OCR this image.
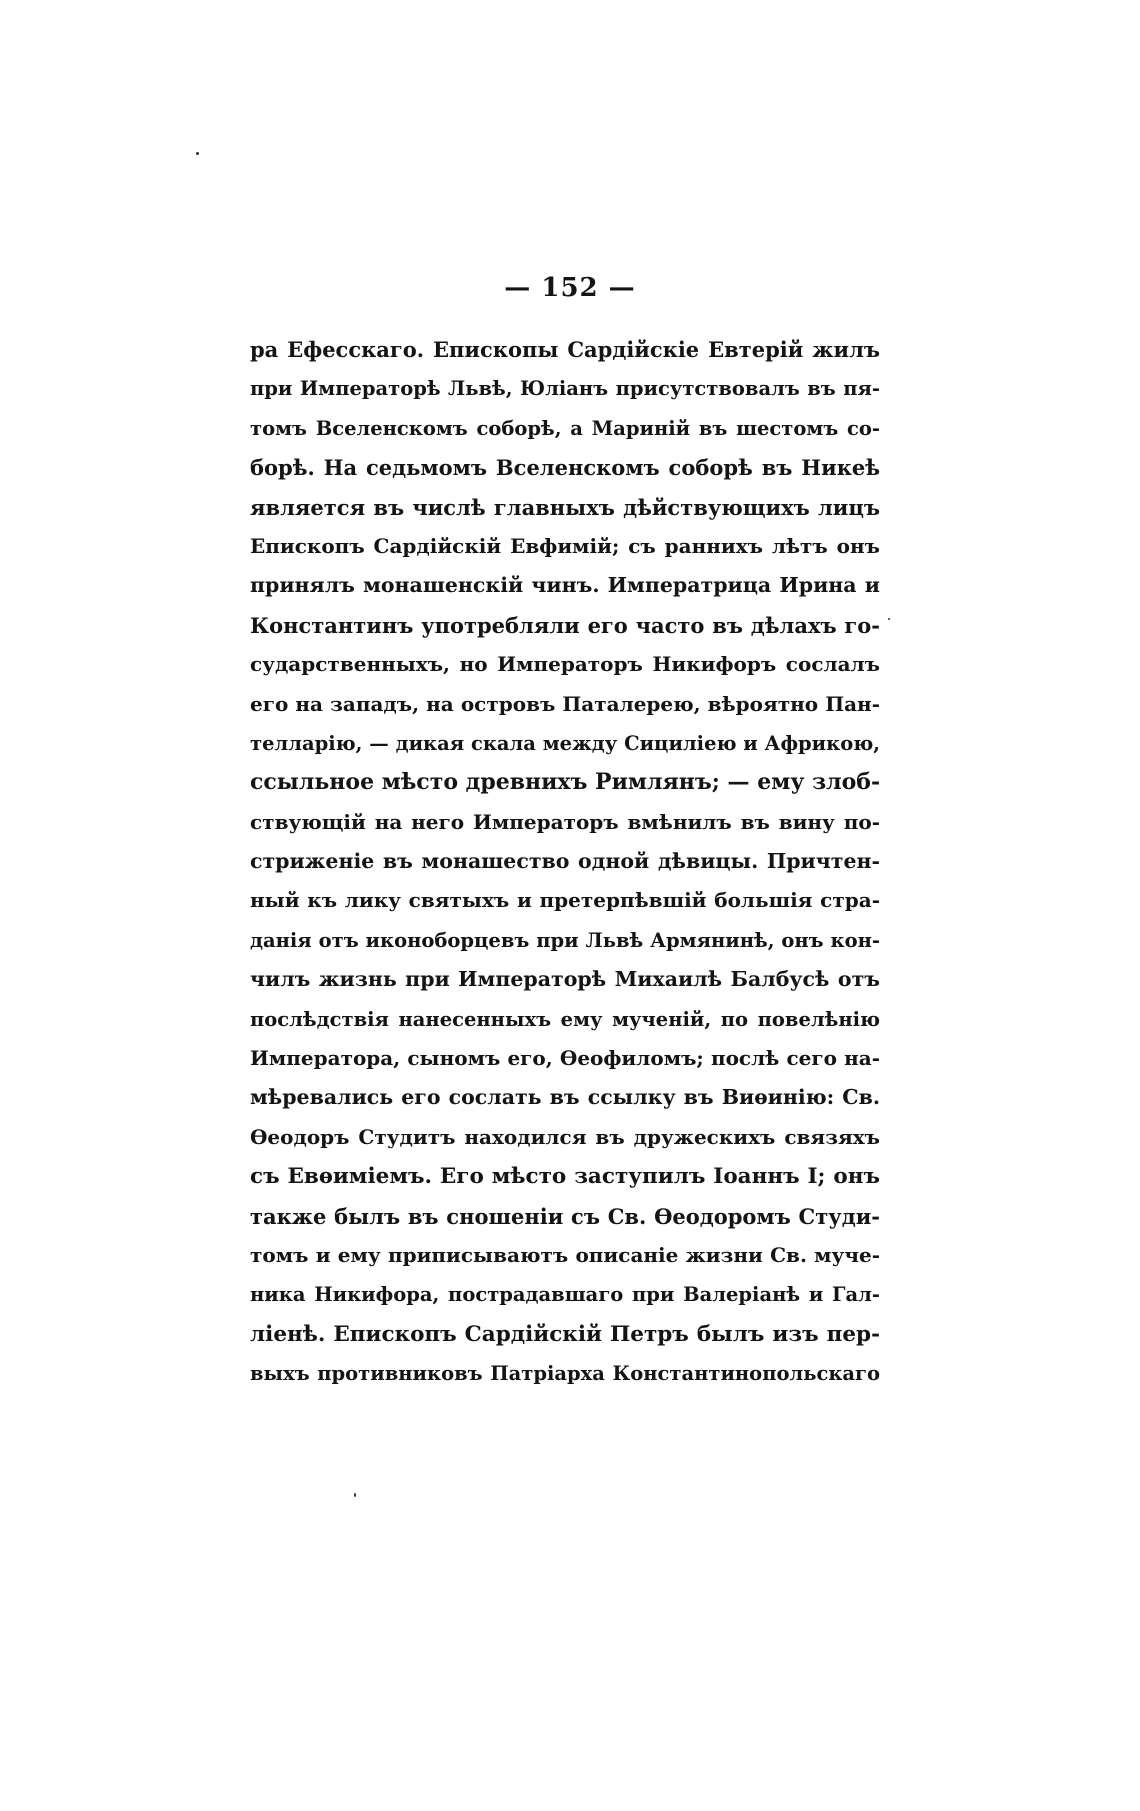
— 152 —
ра Ефесскаго. Епископы Сардійскіе Евтерій жилъ
при Императорѣ Львѣ, Юліанъ присутствовалъ въ пя-
томъ Вселенскомъ соборѣ, а Маринiй въ шестомъ со-
борѣ. На седьмомъ Вселенскомъ соборѣ въ Никеѣ
является въ числѣ главныхъ дѣйствующихъ лицъ
Епископъ Сардійскій Евфимій; съ раннихъ лѣтъ онъ
принялъ монашенскій чинъ. Императрица Ирина и
Константинъ употребляли его часто въ дѣлахъ го-
сударственныхъ, но Императоръ Никифоръ сослалъ
его на западъ, на островъ Паталерею, вѣроятно Пан-
телларію, — дикая скала между Сициліею и Африкою,
ссыльное мѣсто древнихъ Римлянъ; — ему злоб-
ствующій на него Императоръ вмѣнилъ въ вину по-
стриженіе въ монашество одной дѣвицы. Причтен-
ный къ лику святыхъ и претерпѣвшій большія стра-
данія отъ иконоборцевъ при Львѣ Армянинѣ, онъ кон-
чилъ жизнь при Императорѣ Михаилѣ Балбусѣ отъ
послѣдствія нанесенныхъ ему мученій, по повелѣнію
Императора, сыномъ его, Ѳеофиломъ; послѣ сего на-
мѣревались его сослать въ ссылку въ Виѳинію: Св.
Ѳеодоръ Студитъ находился въ дружескихъ связяхъ
съ Евѳиміемъ. Его мѣсто заступилъ Іоаннъ I; онъ
также былъ въ сношеніи съ Св. Ѳеодоромъ Студи-
томъ и ему приписываютъ описаніе жизни Св. муче-
ника Никифора, пострадавшаго при Валеріанѣ и Гал-
ліенѣ. Епископъ Сардійскій Петръ былъ изъ пер-
выхъ противниковъ Патріарха Константинопольскаго
